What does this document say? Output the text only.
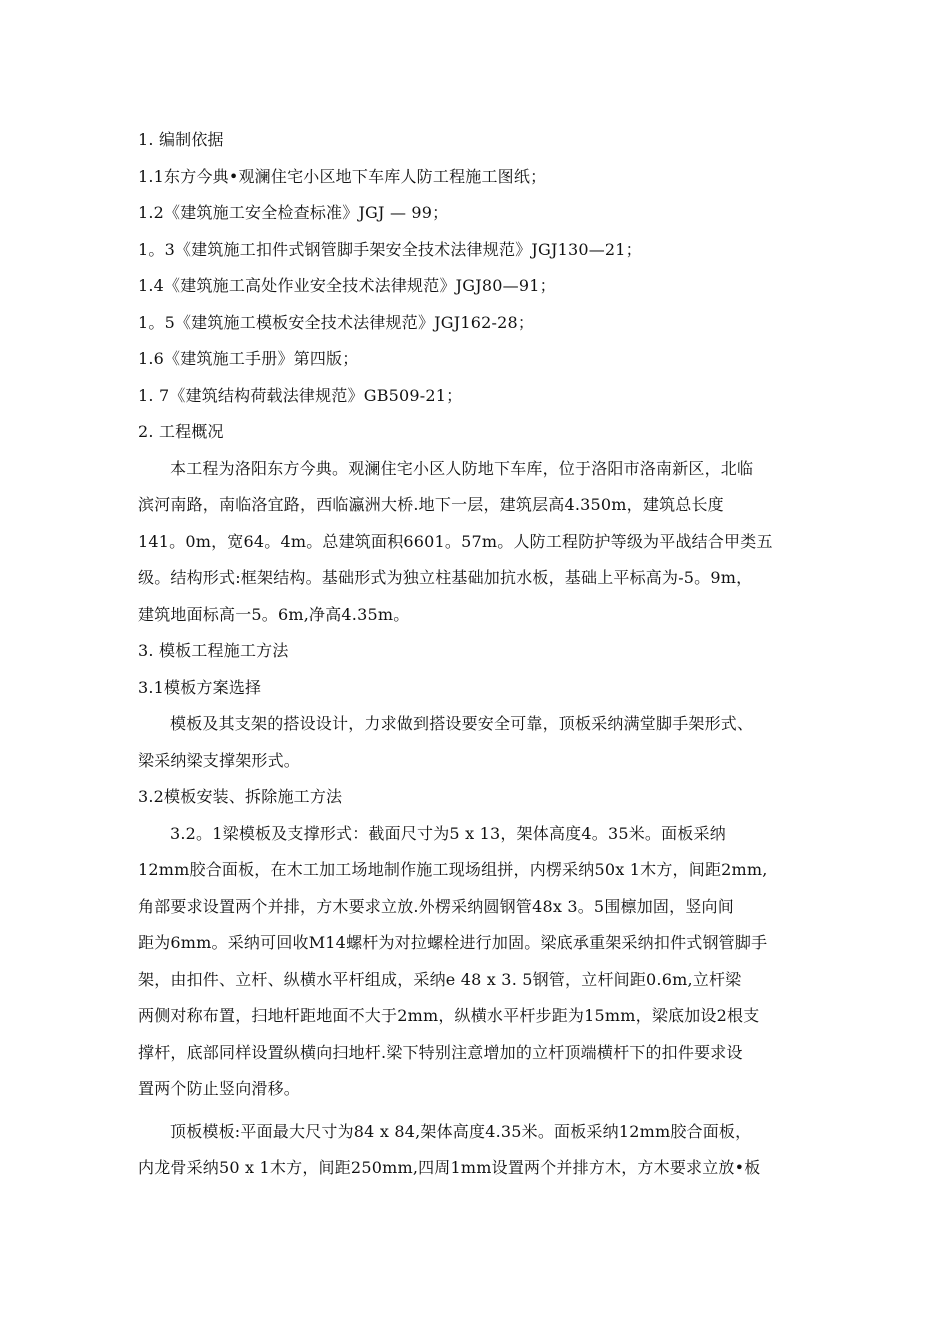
1. 编制依据
1.1东方今典•观澜住宅小区地下车库人防工程施工图纸；
1.2《建筑施工安全检查标准》JGJ — 99；
1。3《建筑施工扣件式钢管脚手架安全技术法律规范》JGJ130—21；
1.4《建筑施工高处作业安全技术法律规范》JGJ80—91；
1。5《建筑施工模板安全技术法律规范》JGJ162-28；
1.6《建筑施工手册》第四版；
1. 7《建筑结构荷载法律规范》GB509-21；
2. 工程概况
本工程为洛阳东方今典。观澜住宅小区人防地下车库，位于洛阳市洛南新区，北临
滨河南路，南临洛宜路，西临瀛洲大桥.地下一层，建筑层高4.350m，建筑总长度
141。0m，宽64。4m。总建筑面积6601。57m。人防工程防护等级为平战结合甲类五
级。结构形式:框架结构。基础形式为独立柱基础加抗水板，基础上平标高为-5。9m，
建筑地面标高一5。6m,净高4.35m。
3. 模板工程施工方法
3.1模板方案选择
模板及其支架的搭设设计，力求做到搭设要安全可靠，顶板采纳满堂脚手架形式、
梁采纳梁支撑架形式。
3.2模板安装、拆除施工方法
3.2。1梁模板及支撑形式：截面尺寸为5 x 13，架体高度4。35米。面板采纳
12mm胶合面板，在木工加工场地制作施工现场组拼，内楞采纳50x 1木方，间距2mm,
角部要求设置两个并排，方木要求立放.外楞采纳圆钢管48x 3。5围檩加固，竖向间
距为6mm。采纳可回收M14螺杆为对拉螺栓进行加固。梁底承重架采纳扣件式钢管脚手
架，由扣件、立杆、纵横水平杆组成，采纳e 48 x 3. 5钢管，立杆间距0.6m,立杆梁
两侧对称布置，扫地杆距地面不大于2mm，纵横水平杆步距为15mm，梁底加设2根支
撑杆，底部同样设置纵横向扫地杆.梁下特别注意增加的立杆顶端横杆下的扣件要求设
置两个防止竖向滑移。
顶板模板:平面最大尺寸为84 x 84,架体高度4.35米。面板采纳12mm胶合面板，
内龙骨采纳50 x 1木方，间距250mm,四周1mm设置两个并排方木，方木要求立放•板
